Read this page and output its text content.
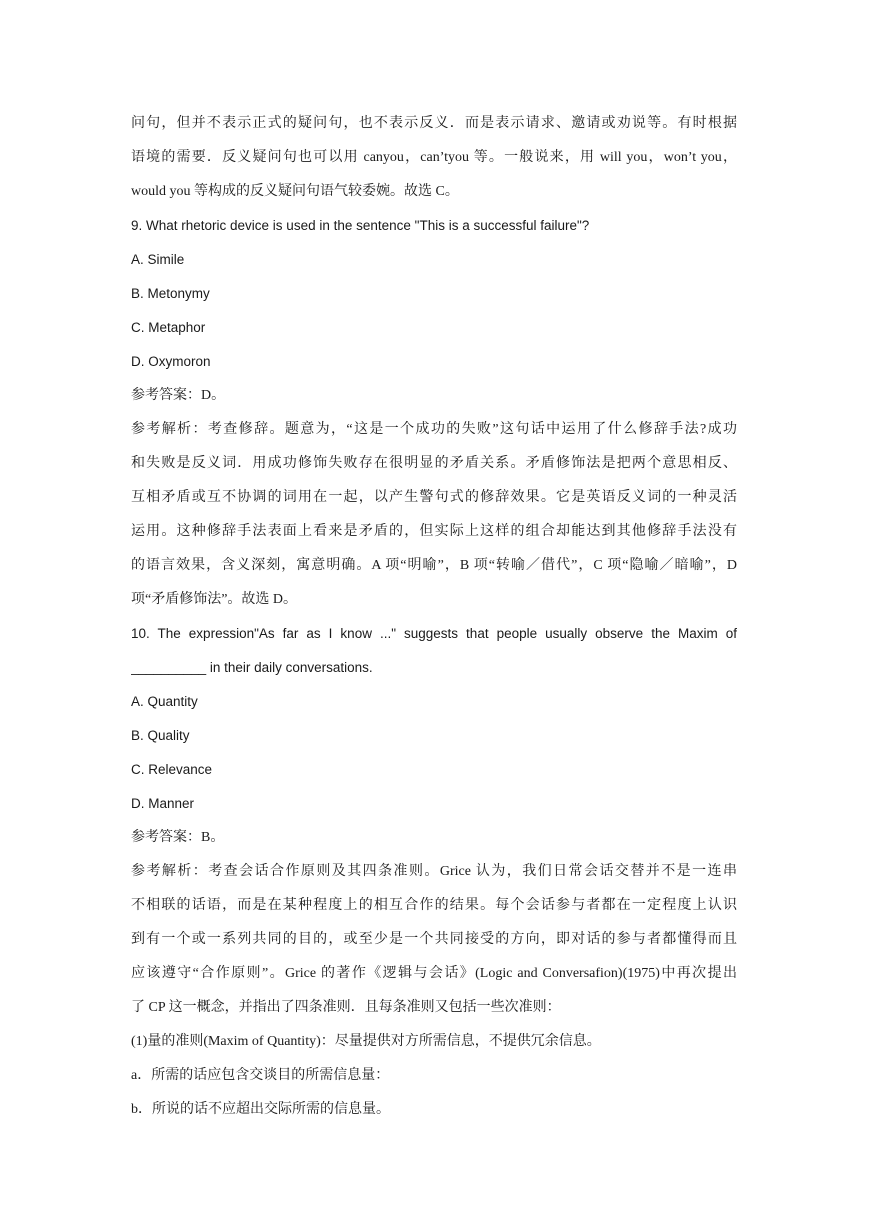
问句，但并不表示正式的疑问句，也不表示反义．而是表示请求、邀请或劝说等。有时根据
语境的需要．反义疑问句也可以用 canyou，can’tyou 等。一般说来，用 will you，won’t you，
would you 等构成的反义疑问句语气较委婉。故选 C。
9. What rhetoric device is used in the sentence "This is a successful failure"?
A. Simile
B. Metonymy
C. Metaphor
D. Oxymoron
参考答案：D。
参考解析：考查修辞。题意为，“这是一个成功的失败”这句话中运用了什么修辞手法?成功
和失败是反义词．用成功修饰失败存在很明显的矛盾关系。矛盾修饰法是把两个意思相反、
互相矛盾或互不协调的词用在一起，以产生警句式的修辞效果。它是英语反义词的一种灵活
运用。这种修辞手法表面上看来是矛盾的，但实际上这样的组合却能达到其他修辞手法没有
的语言效果，含义深刻，寓意明确。A 项“明喻”，B 项“转喻／借代”，C 项“隐喻／暗喻”，D
项“矛盾修饰法”。故选 D。
10. The expression"As far as I know ..." suggests that people usually observe the Maxim of
__________ in their daily conversations.
A. Quantity
B. Quality
C. Relevance
D. Manner
参考答案：B。
参考解析：考查会话合作原则及其四条准则。Grice 认为，我们日常会话交替并不是一连串
不相联的话语，而是在某种程度上的相互合作的结果。每个会话参与者都在一定程度上认识
到有一个或一系列共同的目的，或至少是一个共同接受的方向，即对话的参与者都懂得而且
应该遵守“合作原则”。Grice 的著作《逻辑与会话》(Logic and Conversafion)(1975)中再次提出
了 CP 这一概念，并指出了四条准则．且每条准则又包括一些次准则：
(1)量的准则(Maxim of Quantity)：尽量提供对方所需信息，不提供冗余信息。
a．所需的话应包含交谈目的所需信息量：
b．所说的话不应超出交际所需的信息量。
